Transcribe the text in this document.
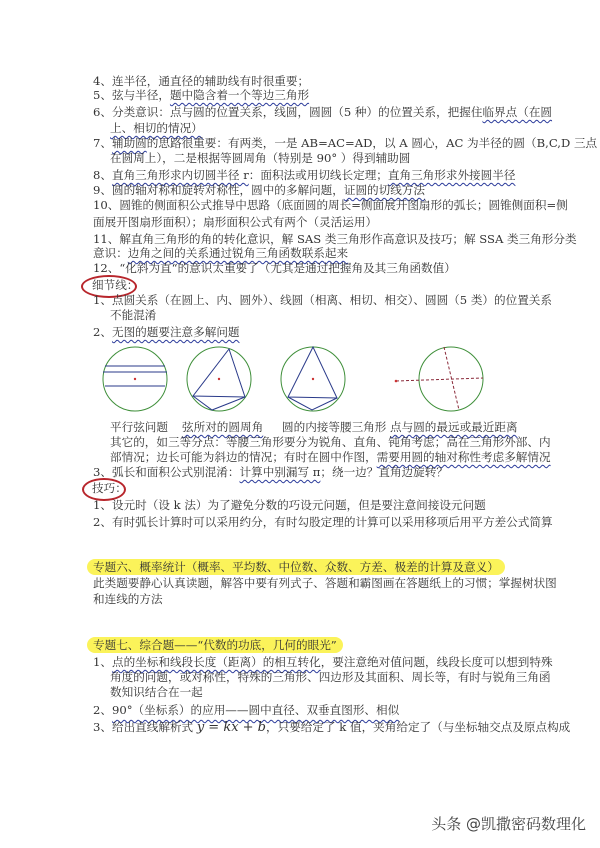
4、连半径，通直径的辅助线有时很重要；
5、弦与半径，题中隐含着一个等边三角形
6、分类意识：点与圆的位置关系，线圆，圆圆（5 种）的位置关系，把握住临界点（在圆
上、相切的情况）
7、辅助圆的思路很重要：有两类，一是 AB=AC=AD，以 A 圆心，AC 为半径的圆（B,C,D 三点
在圆周上），二是根据等圆周角（特别是 90° ）得到辅助圆
8、直角三角形求内切圆半径 r：面积法或用切线长定理；直角三角形求外接圆半径
9、圆的轴对称和旋转对称性，圆中的多解问题，证圆的切线方法
10、圆锥的侧面积公式推导中思路（底面圆的周长=侧面展开图扇形的弧长；圆锥侧面积=侧
面展开图扇形面积）；扇形面积公式有两个（灵活运用）
11、解直角三角形的角的转化意识，解 SAS 类三角形作高意识及技巧；解 SSA 类三角形分类
意识：边角之间的关系通过锐角三角函数联系起来
12、“化斜为直“的意识太重要了（尤其是通过把握角及其三角函数值）
细节线：
1、点圆关系（在圆上、内、圆外）、线圆（相离、相切、相交）、圆圆（5 类）的位置关系
不能混淆
2、无图的题要注意多解问题
平行弦问题 弦所对的圆周角 圆的内接等腰三角形 点与圆的最远或最近距离
其它的，如三等分点：等腰三角形要分为锐角、直角、钝角考虑；高在三角形外部、内
部情况；边长可能为斜边的情况；有时在圆中作图，需要用圆的轴对称性考虑多解情况
3、弧长和面积公式别混淆：计算中别漏写 π；绕一边？直角边旋转？
技巧：
1、设元时（设 k 法）为了避免分数的巧设元问题，但是要注意间接设元问题
2、有时弧长计算时可以采用约分，有时勾股定理的计算可以采用移项后用平方差公式简算
专题六、概率统计（概率、平均数、中位数、众数、方差、极差的计算及意义）
此类题要静心认真读题，解答中要有列式子、答题和霸图画在答题纸上的习惯；掌握树状图
和连线的方法
专题七、综合题——“代数的功底，几何的眼光”
1、点的坐标和线段长度（距离）的相互转化，要注意绝对值问题，线段长度可以想到特殊
角度的问题，或对称性，特殊的三角形、四边形及其面积、周长等，有时与锐角三角函
数知识结合在一起
2、90°（坐标系）的应用——圆中直径、双垂直图形、相似
3、给出直线解析式 y = kx + b，只要给定了 k 值，夹角给定了（与坐标轴交点及原点构成
头条 @凯撒密码数理化
